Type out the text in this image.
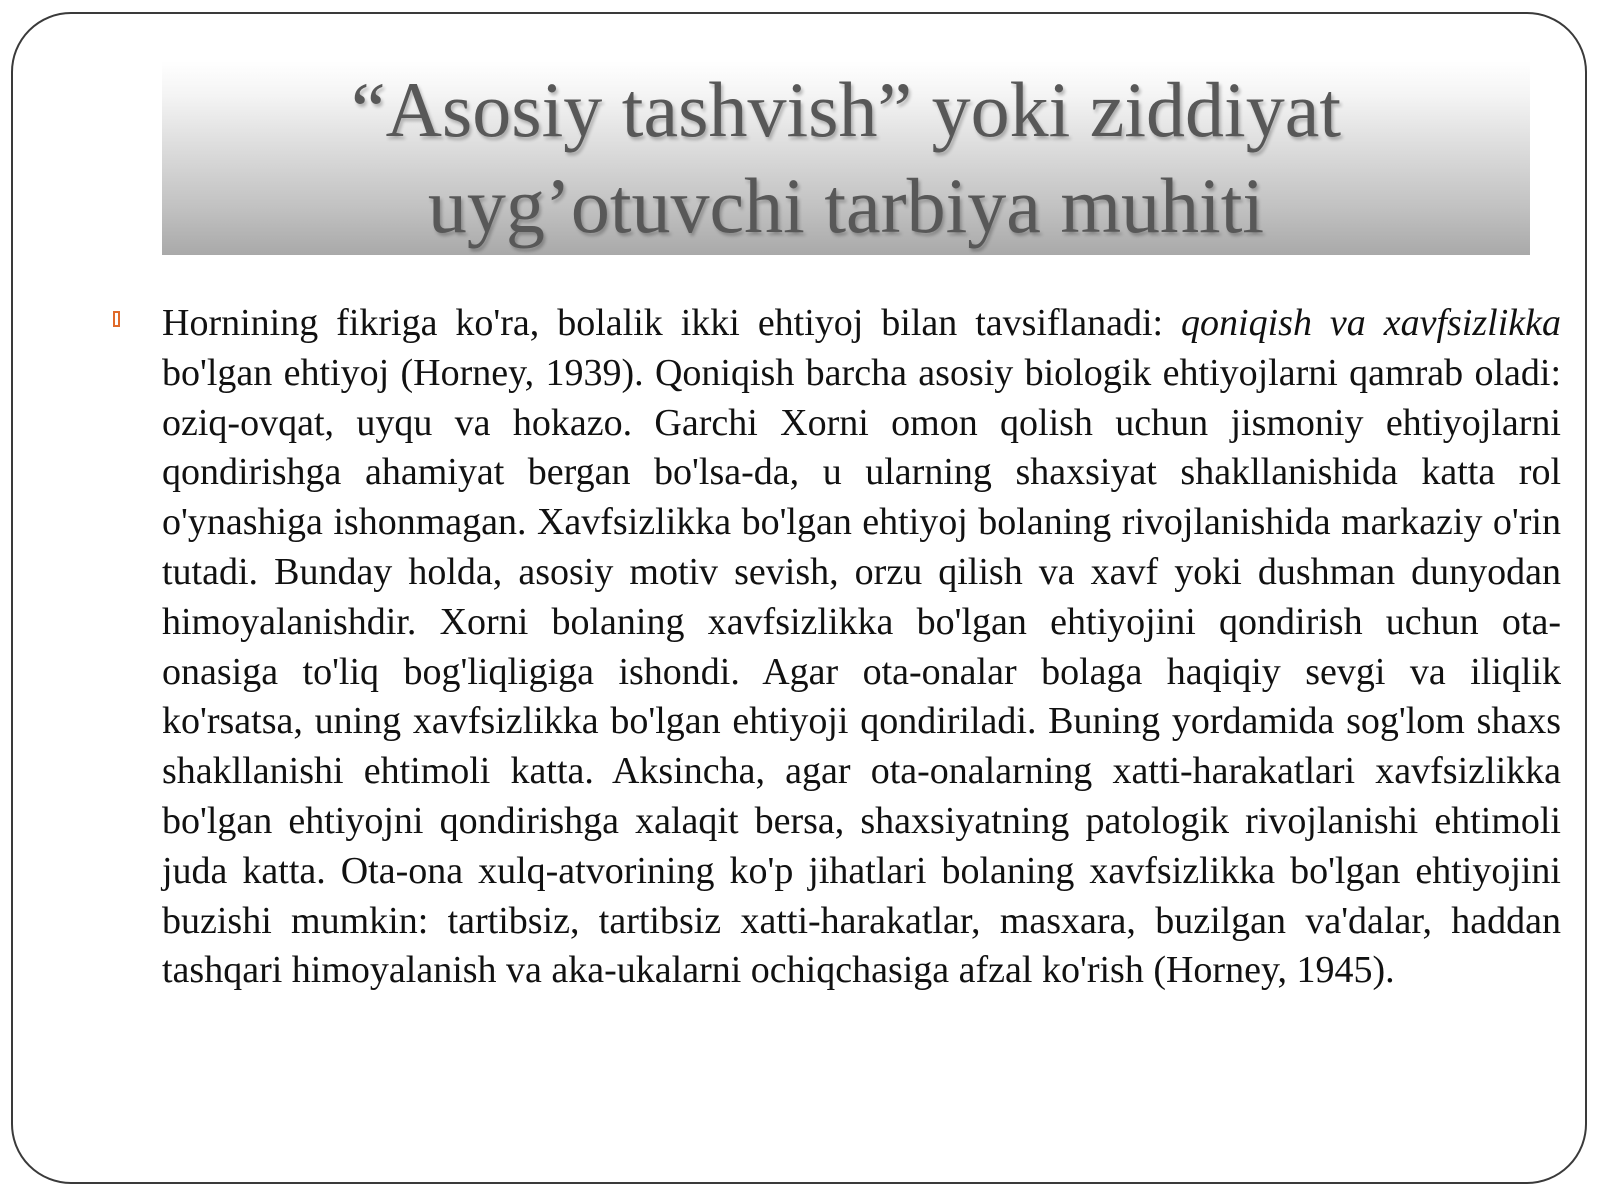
“Asosiy tashvish” yoki ziddiyat
uyg’otuvchi tarbiya muhiti

Hornining fikriga ko'ra, bolalik ikki ehtiyoj bilan tavsiflanadi: qoniqish va xavfsizlikka bo'lgan ehtiyoj (Horney, 1939). Qoniqish barcha asosiy biologik ehtiyojlarni qamrab oladi: oziq-ovqat, uyqu va hokazo. Garchi Xorni omon qolish uchun jismoniy ehtiyojlarni qondirishga ahamiyat bergan bo'lsa-da, u ularning shaxsiyat shakllanishida katta rol o'ynashiga ishonmagan. Xavfsizlikka bo'lgan ehtiyoj bolaning rivojlanishida markaziy o'rin tutadi. Bunday holda, asosiy motiv sevish, orzu qilish va xavf yoki dushman dunyodan himoyalanishdir. Xorni bolaning xavfsizlikka bo'lgan ehtiyojini qondirish uchun ota-onasiga to'liq bog'liqligiga ishondi. Agar ota-onalar bolaga haqiqiy sevgi va iliqlik ko'rsatsa, uning xavfsizlikka bo'lgan ehtiyoji qondiriladi. Buning yordamida sog'lom shaxs shakllanishi ehtimoli katta. Aksincha, agar ota-onalarning xatti-harakatlari xavfsizlikka bo'lgan ehtiyojni qondirishga xalaqit bersa, shaxsiyatning patologik rivojlanishi ehtimoli juda katta. Ota-ona xulq-atvorining ko'p jihatlari bolaning xavfsizlikka bo'lgan ehtiyojini buzishi mumkin: tartibsiz, tartibsiz xatti-harakatlar, masxara, buzilgan va'dalar, haddan tashqari himoyalanish va aka-ukalarni ochiqchasiga afzal ko'rish (Horney, 1945).
